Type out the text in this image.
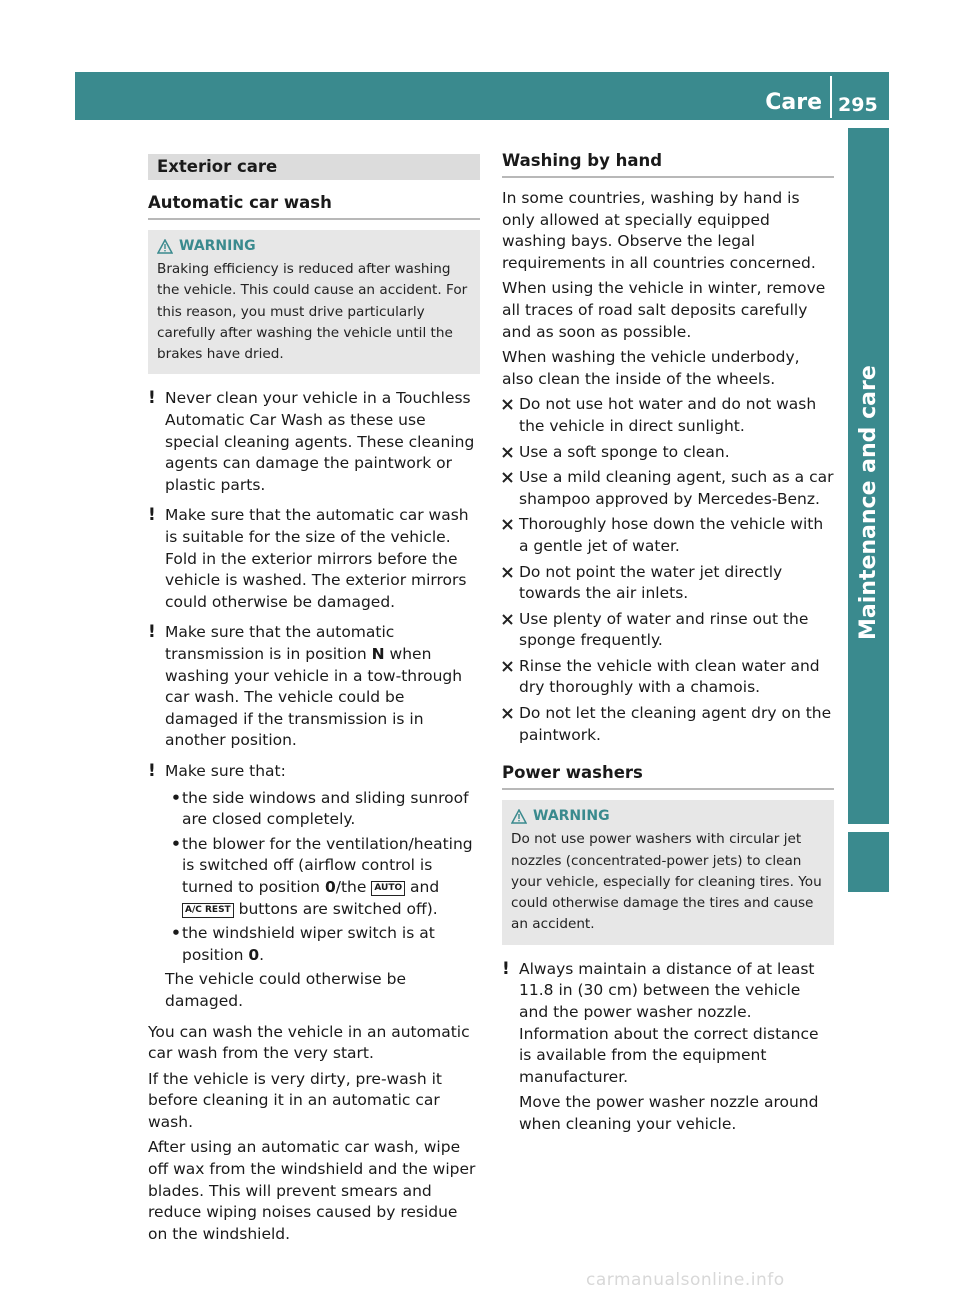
Care 295
Maintenance and care
Exterior care
Automatic car wash
WARNING
Braking efficiency is reduced after washing the vehicle. This could cause an accident. For this reason, you must drive particularly carefully after washing the vehicle until the brakes have dried.
! Never clean your vehicle in a Touchless Automatic Car Wash as these use special cleaning agents. These cleaning agents can damage the paintwork or plastic parts.
! Make sure that the automatic car wash is suitable for the size of the vehicle. Fold in the exterior mirrors before the vehicle is washed. The exterior mirrors could otherwise be damaged.
! Make sure that the automatic transmission is in position N when washing your vehicle in a tow-through car wash. The vehicle could be damaged if the transmission is in another position.
! Make sure that:
• the side windows and sliding sunroof are closed completely.
• the blower for the ventilation/heating is switched off (airflow control is turned to position 0/the AUTO and A/C REST buttons are switched off).
• the windshield wiper switch is at position 0.
The vehicle could otherwise be damaged.

You can wash the vehicle in an automatic car wash from the very start.

If the vehicle is very dirty, pre-wash it before cleaning it in an automatic car wash.

After using an automatic car wash, wipe off wax from the windshield and the wiper blades. This will prevent smears and reduce wiping noises caused by residue on the windshield.

Washing by hand

In some countries, washing by hand is only allowed at specially equipped washing bays. Observe the legal requirements in all countries concerned.

When using the vehicle in winter, remove all traces of road salt deposits carefully and as soon as possible.

When washing the vehicle underbody, also clean the inside of the wheels.

Do not use hot water and do not wash the vehicle in direct sunlight.
Use a soft sponge to clean.
Use a mild cleaning agent, such as a car shampoo approved by Mercedes-Benz.
Thoroughly hose down the vehicle with a gentle jet of water.
Do not point the water jet directly towards the air inlets.
Use plenty of water and rinse out the sponge frequently.
Rinse the vehicle with clean water and dry thoroughly with a chamois.
Do not let the cleaning agent dry on the paintwork.
Power washers
WARNING
Do not use power washers with circular jet nozzles (concentrated-power jets) to clean your vehicle, especially for cleaning tires. You could otherwise damage the tires and cause an accident.
! Always maintain a distance of at least 11.8 in (30 cm) between the vehicle and the power washer nozzle. Information about the correct distance is available from the equipment manufacturer.
Move the power washer nozzle around when cleaning your vehicle.
carmanualsonline.info
